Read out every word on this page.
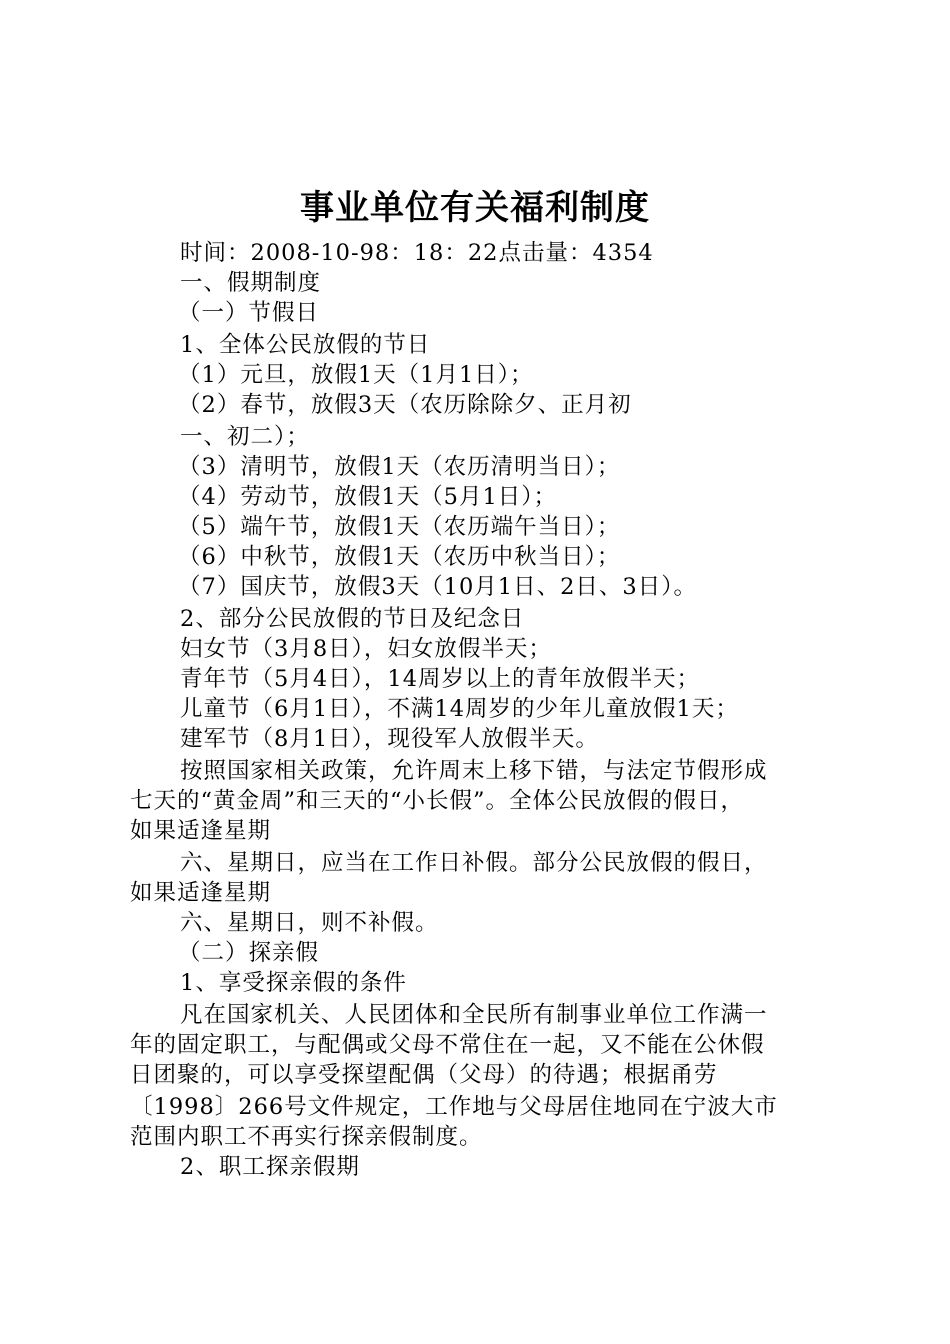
事业单位有关福利制度
时间：2008-10-98：18：22点击量：4354
一、假期制度
（一）节假日
1、全体公民放假的节日
（1）元旦，放假1天（1月1日）；
（2）春节，放假3天（农历除除夕、正月初
一、初二）；
（3）清明节，放假1天（农历清明当日）；
（4）劳动节，放假1天（5月1日）；
（5）端午节，放假1天（农历端午当日）；
（6）中秋节，放假1天（农历中秋当日）；
（7）国庆节，放假3天（10月1日、2日、3日）。
2、部分公民放假的节日及纪念日
妇女节（3月8日），妇女放假半天；
青年节（5月4日），14周岁以上的青年放假半天；
儿童节（6月1日），不满14周岁的少年儿童放假1天；
建军节（8月1日），现役军人放假半天。
按照国家相关政策，允许周末上移下错，与法定节假形成
七天的“黄金周”和三天的“小长假”。全体公民放假的假日，
如果适逢星期
六、星期日，应当在工作日补假。部分公民放假的假日，
如果适逢星期
六、星期日，则不补假。
（二）探亲假
1、享受探亲假的条件
凡在国家机关、人民团体和全民所有制事业单位工作满一
年的固定职工，与配偶或父母不常住在一起，又不能在公休假
日团聚的，可以享受探望配偶（父母）的待遇；根据甬劳
〔1998〕266号文件规定，工作地与父母居住地同在宁波大市
范围内职工不再实行探亲假制度。
2、职工探亲假期
